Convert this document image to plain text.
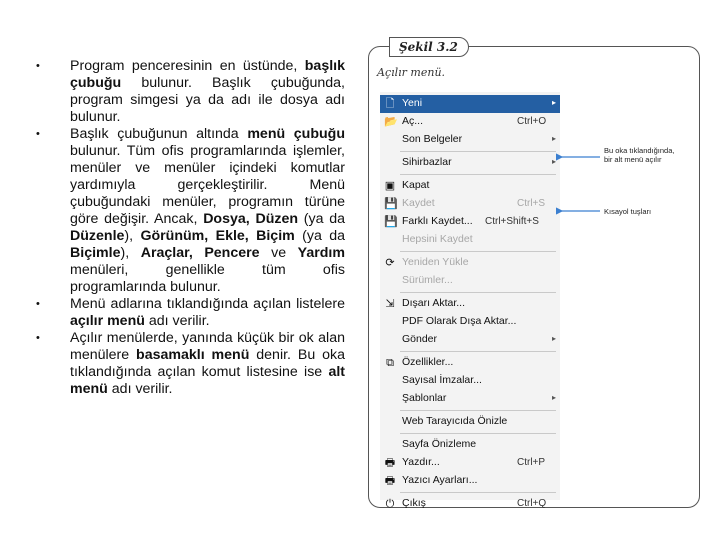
• Program penceresinin en üstünde, başlık çubuğu bulunur. Başlık çubuğunda, program simgesi ya da adı ile dosya adı bulunur.
• Başlık çubuğunun altında menü çubuğu bulunur. Tüm ofis programlarında işlemler, menüler ve menüler içindeki komutlar yardımıyla gerçekleştirilir. Menü çubuğundaki menüler, programın türüne göre değişir. Ancak, Dosya, Düzen (ya da Düzenle), Görünüm, Ekle, Biçim (ya da Biçimle), Araçlar, Pencere ve Yardım menüleri, genellikle tüm ofis programlarında bulunur.
• Menü adlarına tıklandığında açılan listelere açılır menü adı verilir.
• Açılır menülerde, yanında küçük bir ok alan menülere basamaklı menü denir. Bu oka tıklandığında açılan komut listesine ise alt menü adı verilir.
Şekil 3.2
Açılır menü.
🗋 Yeni	▸
📂 Aç...	Ctrl+O
Son Belgeler	▸
Sihirbazlar	▸
▣ Kapat
💾 Kaydet	Ctrl+S
💾 Farklı Kaydet... Ctrl+Shift+S
Hepsini Kaydet
⟳ Yeniden Yükle
Sürümler...
⇲ Dışarı Aktar...
PDF Olarak Dışa Aktar...
Gönder	▸
⧉ Özellikler...
Sayısal İmzalar...
Şablonlar	▸
Web Tarayıcıda Önizle
Sayfa Önizleme
🖶 Yazdır...	Ctrl+P
🖶 Yazıcı Ayarları...
⏻ Çıkış	Ctrl+Q
Bu oka tıklandığında,
bir alt menü açılır
Kısayol tuşları
